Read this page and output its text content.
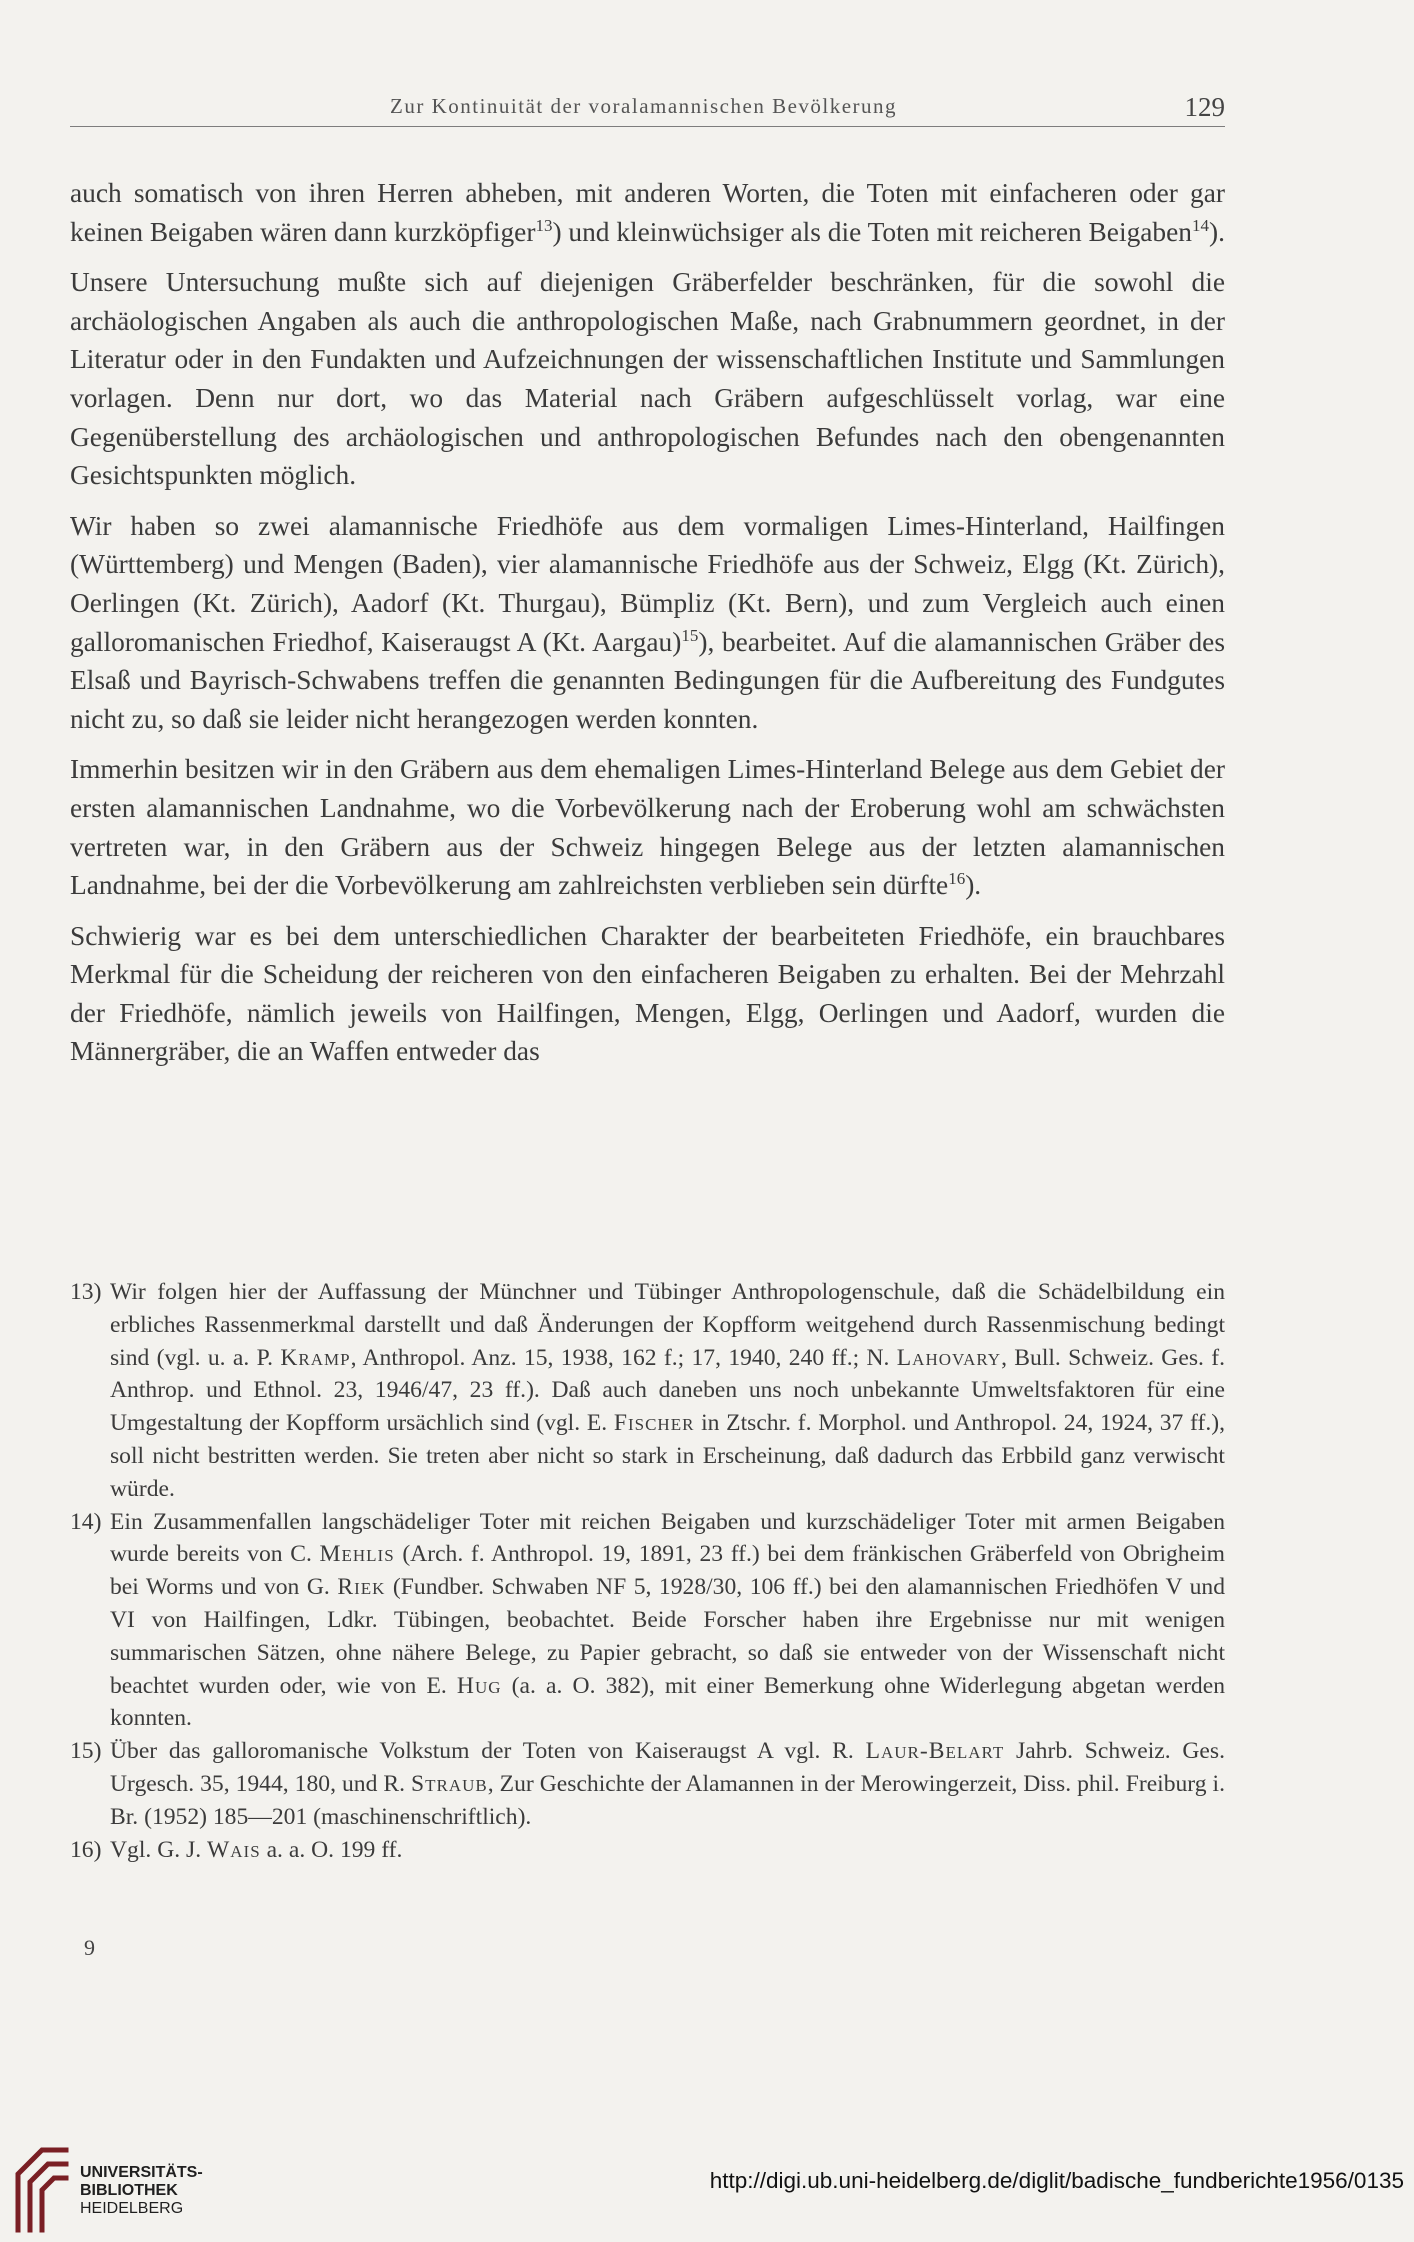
Zur Kontinuität der voralamannischen Bevölkerung	129

auch somatisch von ihren Herren abheben, mit anderen Worten, die Toten mit einfacheren oder gar keinen Beigaben wären dann kurzköpfiger$^{13}$) und kleinwüchsiger als die Toten mit reicheren Beigaben$^{14}$).

Unsere Untersuchung mußte sich auf diejenigen Gräberfelder beschränken, für die sowohl die archäologischen Angaben als auch die anthropologischen Maße, nach Grabnummern geordnet, in der Literatur oder in den Fundakten und Aufzeichnungen der wissenschaftlichen Institute und Sammlungen vorlagen. Denn nur dort, wo das Material nach Gräbern aufgeschlüsselt vorlag, war eine Gegenüberstellung des archäologischen und anthropologischen Befundes nach den obengenannten Gesichtspunkten möglich.

Wir haben so zwei alamannische Friedhöfe aus dem vormaligen Limes-Hinterland, Hailfingen (Württemberg) und Mengen (Baden), vier alamannische Friedhöfe aus der Schweiz, Elgg (Kt. Zürich), Oerlingen (Kt. Zürich), Aadorf (Kt. Thurgau), Bümpliz (Kt. Bern), und zum Vergleich auch einen galloromanischen Friedhof, Kaiseraugst A (Kt. Aargau)$^{15}$), bearbeitet. Auf die alamannischen Gräber des Elsaß und Bayrisch-Schwabens treffen die genannten Bedingungen für die Aufbereitung des Fundgutes nicht zu, so daß sie leider nicht herangezogen werden konnten.

Immerhin besitzen wir in den Gräbern aus dem ehemaligen Limes-Hinterland Belege aus dem Gebiet der ersten alamannischen Landnahme, wo die Vorbevölkerung nach der Eroberung wohl am schwächsten vertreten war, in den Gräbern aus der Schweiz hingegen Belege aus der letzten alamannischen Landnahme, bei der die Vorbevölkerung am zahlreichsten verblieben sein dürfte$^{16}$).

Schwierig war es bei dem unterschiedlichen Charakter der bearbeiteten Friedhöfe, ein brauchbares Merkmal für die Scheidung der reicheren von den einfacheren Beigaben zu erhalten. Bei der Mehrzahl der Friedhöfe, nämlich jeweils von Hailfingen, Mengen, Elgg, Oerlingen und Aadorf, wurden die Männergräber, die an Waffen entweder das

13) Wir folgen hier der Auffassung der Münchner und Tübinger Anthropologenschule, daß die Schädelbildung ein erbliches Rassenmerkmal darstellt und daß Änderungen der Kopfform weitgehend durch Rassenmischung bedingt sind (vgl. u. a. P. Kramp, Anthropol. Anz. 15, 1938, 162 f.; 17, 1940, 240 ff.; N. Lahovary, Bull. Schweiz. Ges. f. Anthrop. und Ethnol. 23, 1946/47, 23 ff.). Daß auch daneben uns noch unbekannte Umweltsfaktoren für eine Umgestaltung der Kopfform ursächlich sind (vgl. E. Fischer in Ztschr. f. Morphol. und Anthropol. 24, 1924, 37 ff.), soll nicht bestritten werden. Sie treten aber nicht so stark in Erscheinung, daß dadurch das Erbbild ganz verwischt würde.

14) Ein Zusammenfallen langschädeliger Toter mit reichen Beigaben und kurzschädeliger Toter mit armen Beigaben wurde bereits von C. Mehlis (Arch. f. Anthropol. 19, 1891, 23 ff.) bei dem fränkischen Gräberfeld von Obrigheim bei Worms und von G. Riek (Fundber. Schwaben NF 5, 1928/30, 106 ff.) bei den alamannischen Friedhöfen V und VI von Hailfingen, Ldkr. Tübingen, beobachtet. Beide Forscher haben ihre Ergebnisse nur mit wenigen summarischen Sätzen, ohne nähere Belege, zu Papier gebracht, so daß sie entweder von der Wissenschaft nicht beachtet wurden oder, wie von E. Hug (a. a. O. 382), mit einer Bemerkung ohne Widerlegung abgetan werden konnten.

15) Über das galloromanische Volkstum der Toten von Kaiseraugst A vgl. R. Laur-Belart Jahrb. Schweiz. Ges. Urgesch. 35, 1944, 180, und R. Straub, Zur Geschichte der Alamannen in der Merowingerzeit, Diss. phil. Freiburg i. Br. (1952) 185—201 (maschinenschriftlich).

16) Vgl. G. J. Wais a. a. O. 199 ff.

9
UNIVERSITÄTS-
BIBLIOTHEK
HEIDELBERG
http://digi.ub.uni-heidelberg.de/diglit/badische_fundberichte1956/0135
